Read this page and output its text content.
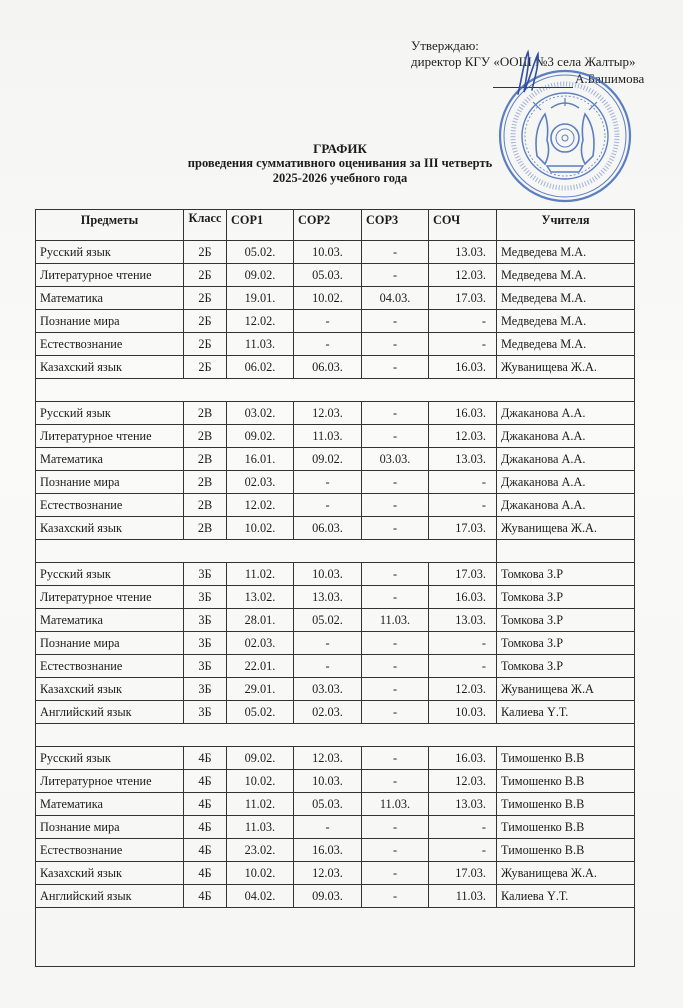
Утверждаю:
директор КГУ «ООШ №3 села Жалтыр»
А.Башимова
ГРАФИК
проведения суммативного оценивания за III четверть
2025-2026 учебного года
Предметы	Класс	СОР1	СОР2	СОР3	СОЧ	Учителя
Русский язык	2Б	05.02.	10.03.	-	13.03.	Медведева М.А.
Литературное чтение	2Б	09.02.	05.03.	-	12.03.	Медведева М.А.
Математика	2Б	19.01.	10.02.	04.03.	17.03.	Медведева М.А.
Познание мира	2Б	12.02.	-	-	-	Медведева М.А.
Естествознание	2Б	11.03.	-	-	-	Медведева М.А.
Казахский язык	2Б	06.02.	06.03.	-	16.03.	Жуванищева Ж.А.

Русский язык	2В	03.02.	12.03.	-	16.03.	Джаканова А.А.
Литературное чтение	2В	09.02.	11.03.	-	12.03.	Джаканова А.А.
Математика	2В	16.01.	09.02.	03.03.	13.03.	Джаканова А.А.
Познание мира	2В	02.03.	-	-	-	Джаканова А.А.
Естествознание	2В	12.02.	-	-	-	Джаканова А.А.
Казахский язык	2В	10.02.	06.03.	-	17.03.	Жуванищева Ж.А.

Русский язык	3Б	11.02.	10.03.	-	17.03.	Томкова З.Р
Литературное чтение	3Б	13.02.	13.03.	-	16.03.	Томкова З.Р
Математика	3Б	28.01.	05.02.	11.03.	13.03.	Томкова З.Р
Познание мира	3Б	02.03.	-	-	-	Томкова З.Р
Естествознание	3Б	22.01.	-	-	-	Томкова З.Р
Казахский язык	3Б	29.01.	03.03.	-	12.03.	Жуванищева Ж.А
Английский язык	3Б	05.02.	02.03.	-	10.03.	Калиева Ү.Т.

Русский язык	4Б	09.02.	12.03.	-	16.03.	Тимошенко В.В
Литературное чтение	4Б	10.02.	10.03.	-	12.03.	Тимошенко В.В
Математика	4Б	11.02.	05.03.	11.03.	13.03.	Тимошенко В.В
Познание мира	4Б	11.03.	-	-	-	Тимошенко В.В
Естествознание	4Б	23.02.	16.03.	-	-	Тимошенко В.В
Казахский язык	4Б	10.02.	12.03.	-	17.03.	Жуванищева Ж.А.
Английский язык	4Б	04.02.	09.03.	-	11.03.	Калиева Ү.Т.
